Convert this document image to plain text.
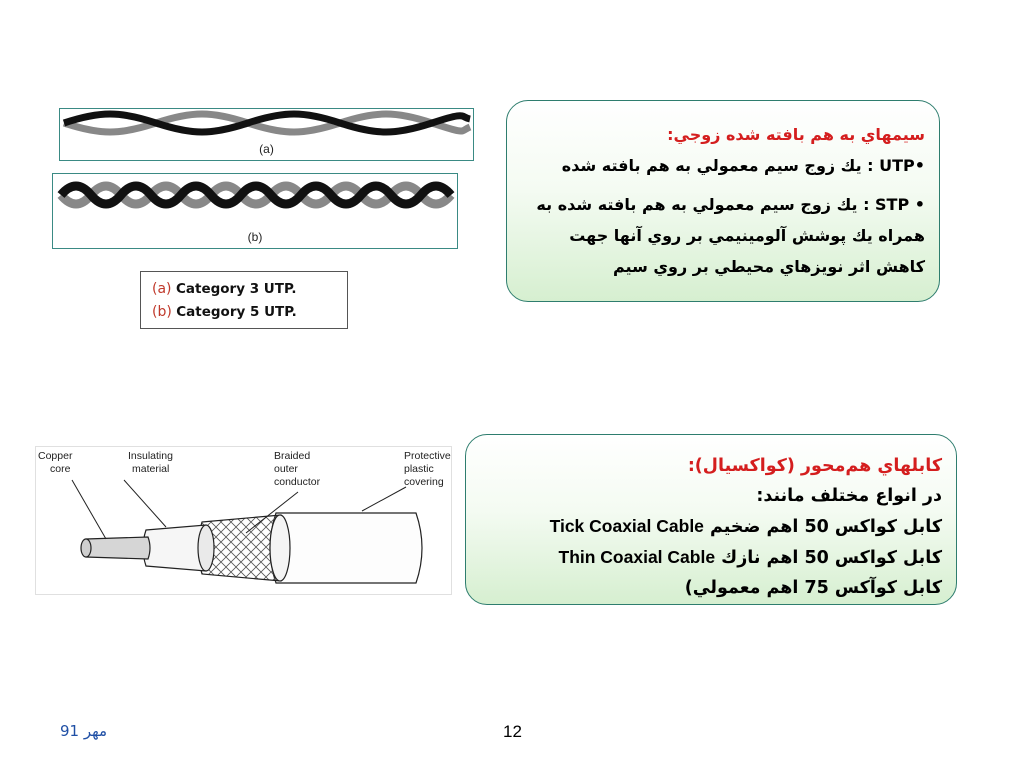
(a)
(b)
(a) Category 3 UTP.
(b) Category 5 UTP.

سيمهاي به هم بافته شده زوجي:

•UTP : يك زوج سيم معمولي به هم بافته شده

• STP : يك زوج سيم معمولي به هم بافته شده به همراه يك پوشش آلومينيمي بر روي آنها جهت كاهش اثر نويزهاي محيطي بر روي سيم

Copper
core
Insulating
material
Braided
outer
conductor
Protective
plastic
covering

كابلهاي هم‌محور (كواكسيال):

در انواع مختلف مانند:

كابل كواكس 50 اهم ضخيم Tick Coaxial Cable

كابل كواكس 50 اهم نازك Thin Coaxial Cable

كابل كوآكس 75 اهم معمولي)

مهر 91	12
